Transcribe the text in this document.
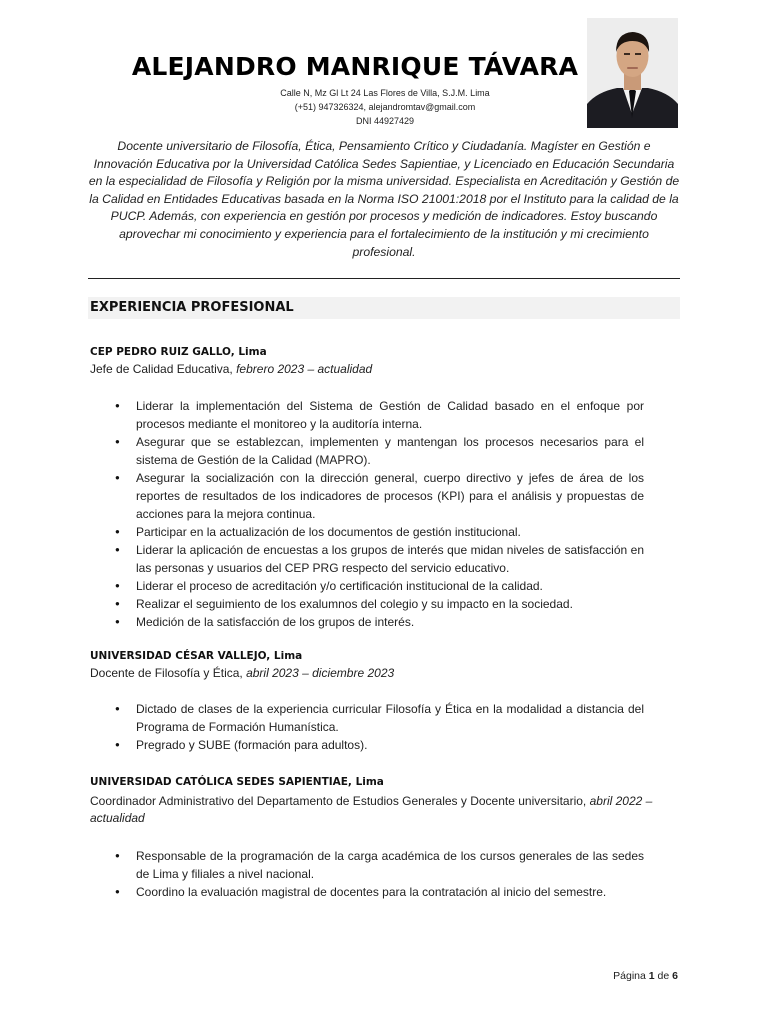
ALEJANDRO MANRIQUE TÁVARA
Calle N, Mz Gl Lt 24 Las Flores de Villa, S.J.M. Lima
(+51) 947326324, alejandromtav@gmail.com
DNI 44927429
Docente universitario de Filosofía, Ética, Pensamiento Crítico y Ciudadanía. Magíster en Gestión e Innovación Educativa por la Universidad Católica Sedes Sapientiae, y Licenciado en Educación Secundaria en la especialidad de Filosofía y Religión por la misma universidad. Especialista en Acreditación y Gestión de la Calidad en Entidades Educativas basada en la Norma ISO 21001:2018 por el Instituto para la calidad de la PUCP. Además, con experiencia en gestión por procesos y medición de indicadores. Estoy buscando aprovechar mi conocimiento y experiencia para el fortalecimiento de la institución y mi crecimiento profesional.
EXPERIENCIA PROFESIONAL
CEP PEDRO RUIZ GALLO, Lima
Jefe de Calidad Educativa, febrero 2023 – actualidad
● Liderar la implementación del Sistema de Gestión de Calidad basado en el enfoque por procesos mediante el monitoreo y la auditoría interna.
● Asegurar que se establezcan, implementen y mantengan los procesos necesarios para el sistema de Gestión de la Calidad (MAPRO).
● Asegurar la socialización con la dirección general, cuerpo directivo y jefes de área de los reportes de resultados de los indicadores de procesos (KPI) para el análisis y propuestas de acciones para la mejora continua.
● Participar en la actualización de los documentos de gestión institucional.
● Liderar la aplicación de encuestas a los grupos de interés que midan niveles de satisfacción en las personas y usuarios del CEP PRG respecto del servicio educativo.
● Liderar el proceso de acreditación y/o certificación institucional de la calidad.
● Realizar el seguimiento de los exalumnos del colegio y su impacto en la sociedad.
● Medición de la satisfacción de los grupos de interés.
UNIVERSIDAD CÉSAR VALLEJO, Lima
Docente de Filosofía y Ética, abril 2023 – diciembre 2023
● Dictado de clases de la experiencia curricular Filosofía y Ética en la modalidad a distancia del Programa de Formación Humanística.
● Pregrado y SUBE (formación para adultos).
UNIVERSIDAD CATÓLICA SEDES SAPIENTIAE, Lima
Coordinador Administrativo del Departamento de Estudios Generales y Docente universitario, abril 2022 – actualidad
● Responsable de la programación de la carga académica de los cursos generales de las sedes de Lima y filiales a nivel nacional.
● Coordino la evaluación magistral de docentes para la contratación al inicio del semestre.
Página 1 de 6
